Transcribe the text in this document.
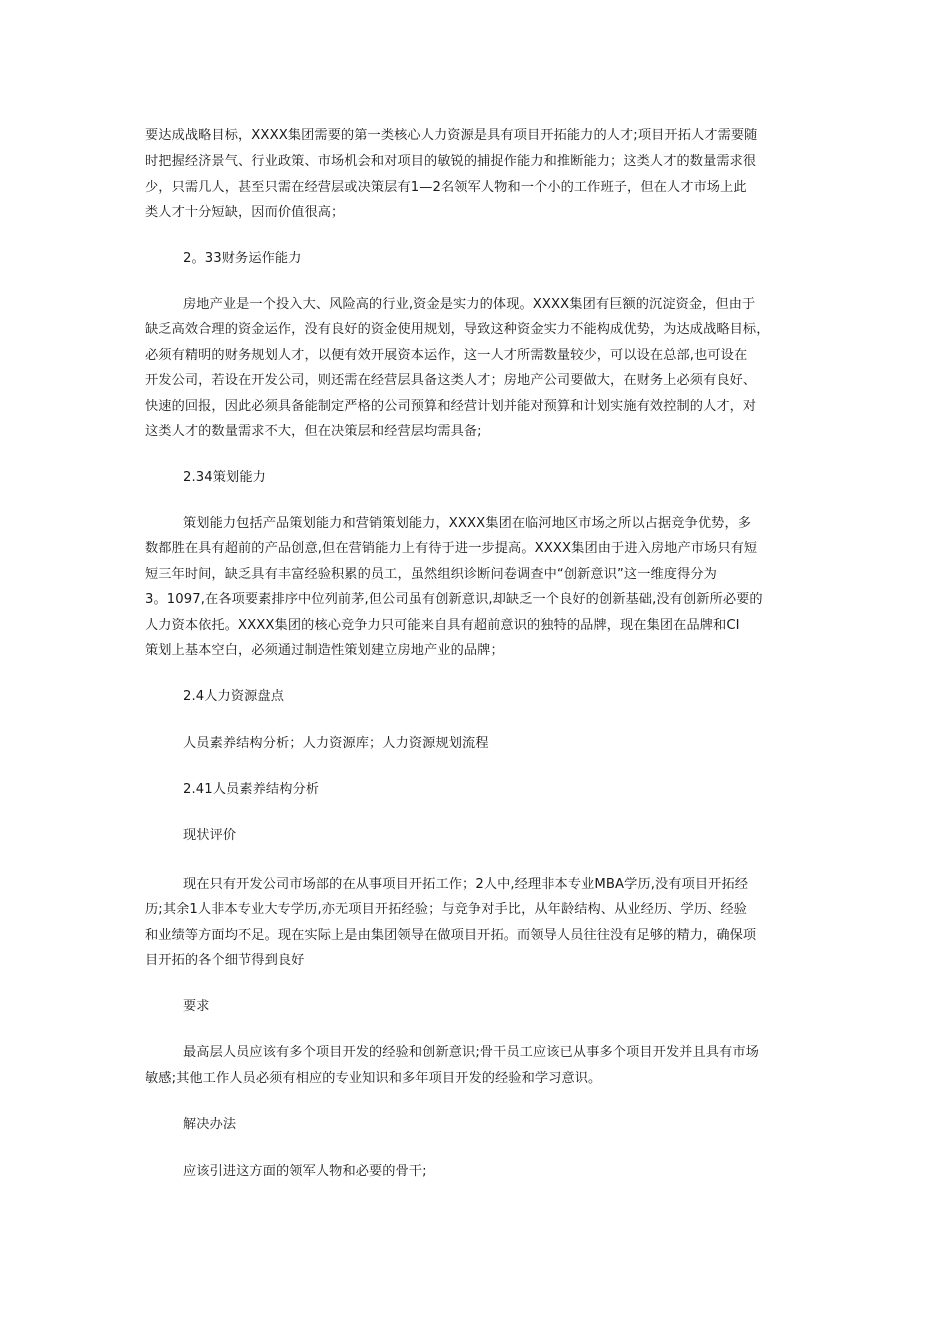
要达成战略目标，XXXX集团需要的第一类核心人力资源是具有项目开拓能力的人才;项目开拓人才需要随
时把握经济景气、行业政策、市场机会和对项目的敏锐的捕捉作能力和推断能力；这类人才的数量需求很
少，只需几人，甚至只需在经营层或决策层有1—2名领军人物和一个小的工作班子，但在人才市场上此
类人才十分短缺，因而价值很高；
2。33财务运作能力
房地产业是一个投入大、风险高的行业,资金是实力的体现。XXXX集团有巨额的沉淀资金，但由于
缺乏高效合理的资金运作，没有良好的资金使用规划，导致这种资金实力不能构成优势，为达成战略目标，
必须有精明的财务规划人才，以便有效开展资本运作，这一人才所需数量较少，可以设在总部,也可设在
开发公司，若设在开发公司，则还需在经营层具备这类人才；房地产公司要做大，在财务上必须有良好、
快速的回报，因此必须具备能制定严格的公司预算和经营计划并能对预算和计划实施有效控制的人才，对
这类人才的数量需求不大，但在决策层和经营层均需具备;
2.34策划能力
策划能力包括产品策划能力和营销策划能力，XXXX集团在临河地区市场之所以占据竞争优势，多
数都胜在具有超前的产品创意,但在营销能力上有待于进一步提高。XXXX集团由于进入房地产市场只有短
短三年时间，缺乏具有丰富经验积累的员工，虽然组织诊断问卷调查中“创新意识”这一维度得分为
3。1097,在各项要素排序中位列前茅,但公司虽有创新意识,却缺乏一个良好的创新基础,没有创新所必要的
人力资本依托。XXXX集团的核心竞争力只可能来自具有超前意识的独特的品牌，现在集团在品牌和CI
策划上基本空白，必须通过制造性策划建立房地产业的品牌；
2.4人力资源盘点
人员素养结构分析；人力资源库；人力资源规划流程
2.41人员素养结构分析
现状评价
现在只有开发公司市场部的在从事项目开拓工作；2人中,经理非本专业MBA学历,没有项目开拓经
历;其余1人非本专业大专学历,亦无项目开拓经验；与竞争对手比，从年龄结构、从业经历、学历、经验
和业绩等方面均不足。现在实际上是由集团领导在做项目开拓。而领导人员往往没有足够的精力，确保项
目开拓的各个细节得到良好
要求
最高层人员应该有多个项目开发的经验和创新意识;骨干员工应该已从事多个项目开发并且具有市场
敏感;其他工作人员必须有相应的专业知识和多年项目开发的经验和学习意识。
解决办法
应该引进这方面的领军人物和必要的骨干;
